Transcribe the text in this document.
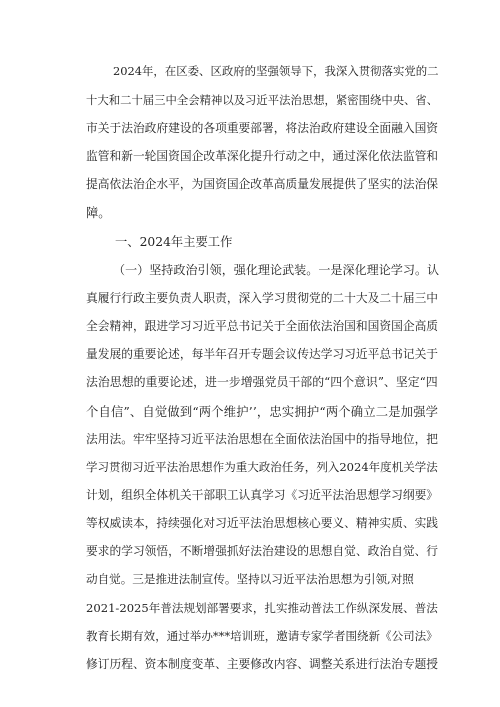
2024年，在区委、区政府的坚强领导下，我深入贯彻落实党的二
十大和二十届三中全会精神以及习近平法治思想，紧密围绕中央、省、
市关于法治政府建设的各项重要部署，将法治政府建设全面融入国资
监管和新一轮国资国企改革深化提升行动之中，通过深化依法监管和
提高依法治企水平，为国资国企改革高质量发展提供了坚实的法治保
障。
一、2024年主要工作
（一）坚持政治引领，强化理论武装。一是深化理论学习。认
真履行行政主要负责人职责，深入学习贯彻党的二十大及二十届三中
全会精神，跟进学习习近平总书记关于全面依法治国和国资国企高质
量发展的重要论述，每半年召开专题会议传达学习习近平总书记关于
法治思想的重要论述，进一步增强党员干部的“四个意识”、坚定“四
个自信”、自觉做到“两个维护’’，忠实拥护“两个确立二是加强学
法用法。牢牢坚持习近平法治思想在全面依法治国中的指导地位，把
学习贯彻习近平法治思想作为重大政治任务，列入2024年度机关学法
计划，组织全体机关干部职工认真学习《习近平法治思想学习纲要》
等权威读本，持续强化对习近平法治思想核心要义、精神实质、实践
要求的学习领悟，不断增强抓好法治建设的思想自觉、政治自觉、行
动自觉。三是推进法制宣传。坚持以习近平法治思想为引领,对照
2021-2025年普法规划部署要求，扎实推动普法工作纵深发展、普法
教育长期有效，通过举办***培训班，邀请专家学者围绕新《公司法》
修订历程、资本制度变革、主要修改内容、调整关系进行法治专题授
